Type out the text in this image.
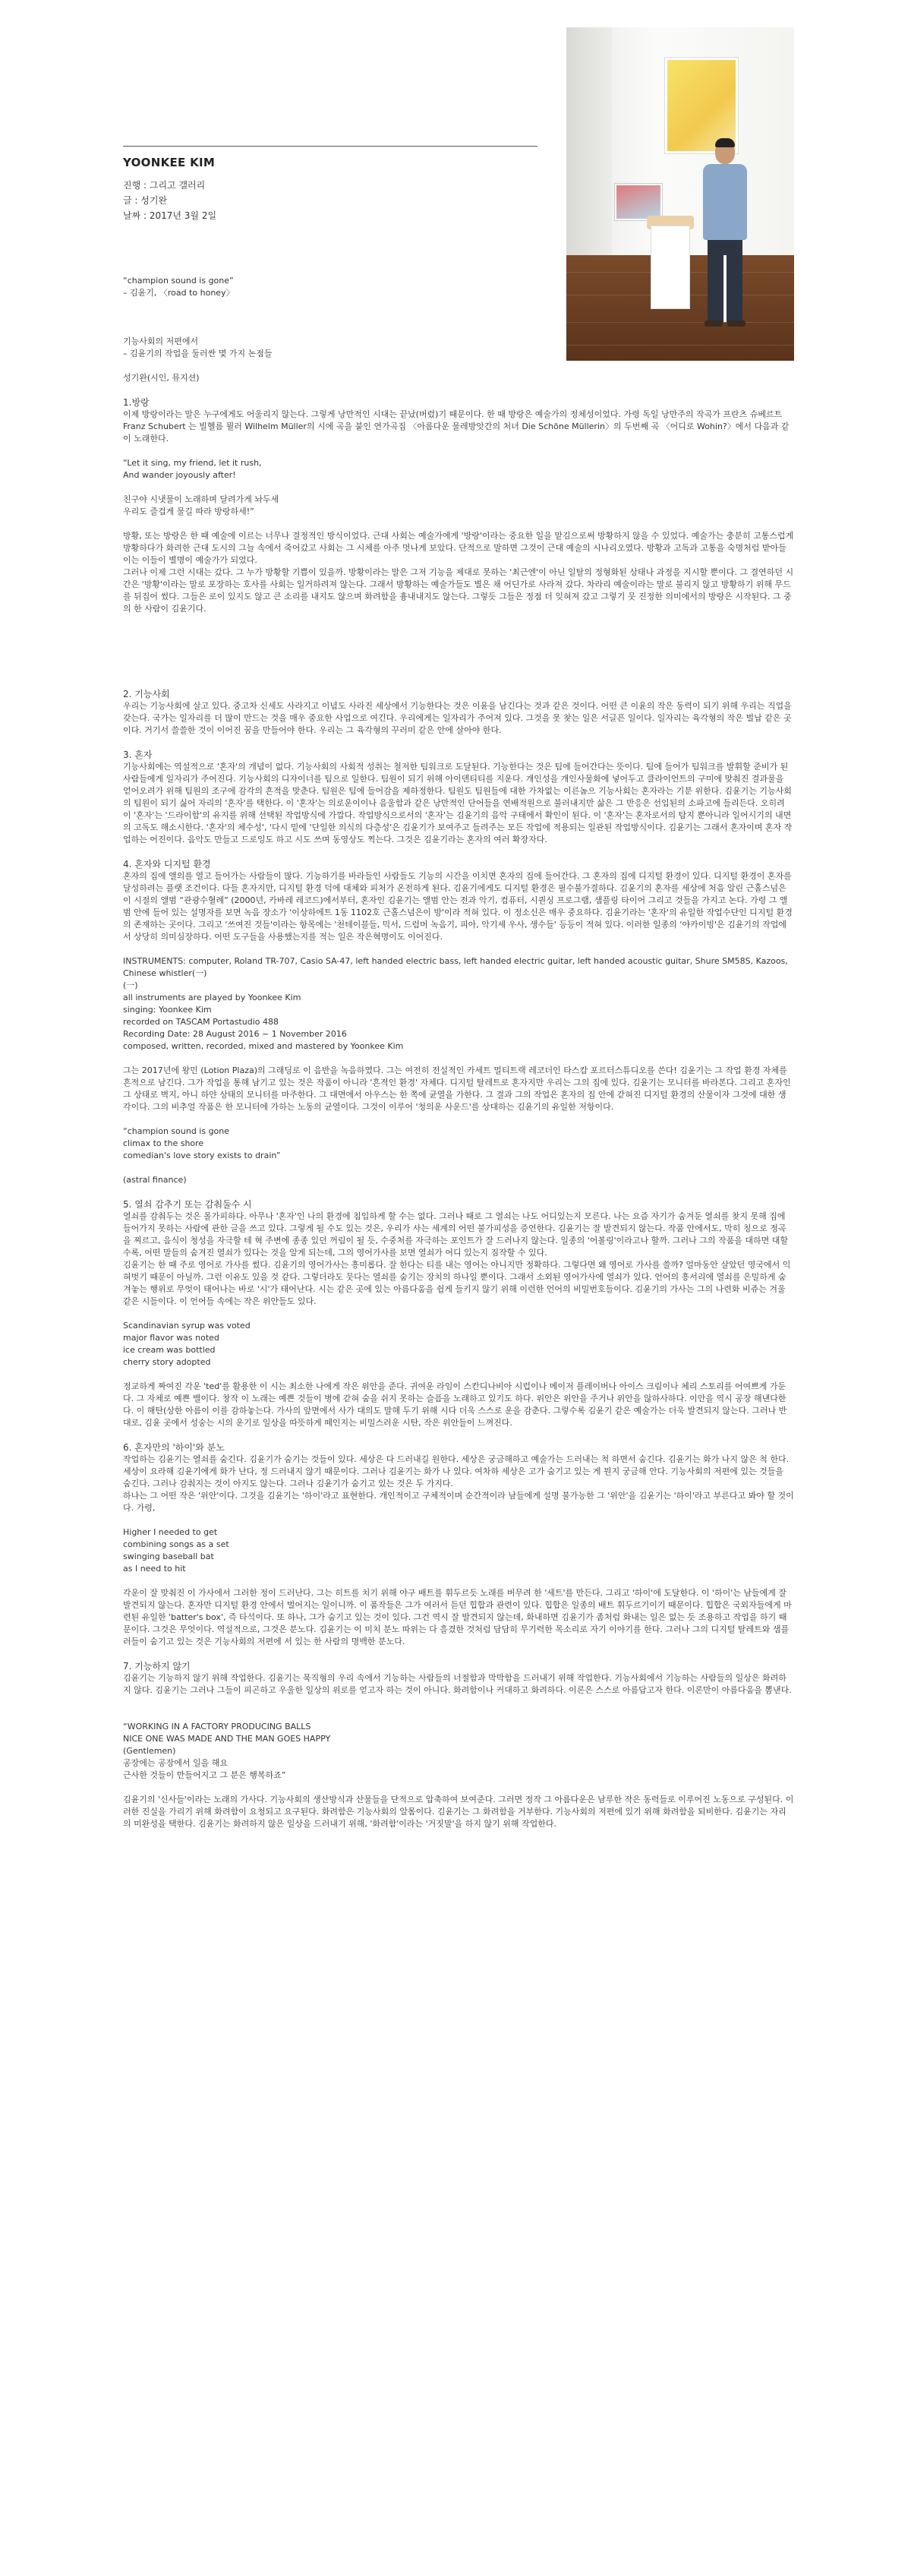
YOONKEE KIM
진행 : 그리고 갤러리
글 : 성기완
날짜 : 2017년 3월 2일

“champion sound is gone”

– 김윤기, 〈road to honey〉

기능사회의 저편에서

– 김윤기의 작업을 둘러싼 몇 가지 논점들

성기완(시인, 뮤지션)

1.방랑

이제 방랑이라는 말은 누구에게도 어울리지 않는다. 그렇게 낭만적인 시대는 끝났(버렸)기 때문이다. 한 때 방랑은 예술가의 정체성이었다. 가령 독일 낭만주의 작곡가 프란츠 슈베르트 Franz Schubert 는 빌헬름 뮐러 Wilhelm Müller의 시에 곡을 붙인 연가곡집 〈아름다운 물레방앗간의 처녀 Die Schöne Müllerin〉의 두번째 곡 〈어디로 Wohin?〉에서 다음과 같이 노래한다.

“Let it sing, my friend, let it rush,

And wander joyously after!

친구야 시냇물이 노래하며 달려가게 놔두세

우리도 즐겁게 물길 따라 방랑하세!”

방황, 또는 방랑은 한 때 예술에 이르는 너무나 결정적인 방식이었다. 근대 사회는 예술가에게 '방랑'이라는 중요한 일을 맡김으로써 방황하지 않을 수 있었다. 예술가는 충분히 고통스럽게 방황하다가 화려한 근대 도시의 그늘 속에서 죽어갔고 사회는 그 시체를 아주 멋나게 보았다. 단적으로 말하면 그것이 근대 예술의 시나리오였다. 방황과 고독과 고통을 숙명처럼 받아들이는 이들이 별명이 예술가가 되었다.

그러나 이제 그런 시대는 갔다. 그 누가 방황할 기쁨이 있을까. 방황이라는 말은 그저 기능을 제대로 못하는 '최근엔'이 아닌 일탈의 정형화된 상태나 과정을 지시할 뿐이다. 그 결연하던 시간은 '방황'이라는 말로 포장하는 호사를 사회는 일거하려져 않는다. 그래서 방황하는 예술가들도 별은 채 어딘가로 사라져 갔다. 차라리 예술이라는 말로 불리지 않고 방황하기 위해 무드를 뒤집어 썼다. 그들은 로이 있지도 않고 큰 소리를 내지도 않으며 화려함을 흉내내지도 않는다. 그렇듯 그들은 정점 더 잊혀져 갔고 그렇기 뭇 진정한 의미에서의 방랑은 시작된다. 그 중의 한 사람이 김윤기다.

2. 기능사회

우리는 기능사회에 살고 있다. 중고차 신세도 사라지고 이념도 사라진 세상에서 기능한다는 것은 이윤을 남긴다는 것과 같은 것이다. 어떤 큰 이윤의 작은 동력이 되기 위해 우리는 직업을 갖는다. 국가는 일자리를 더 많이 만드는 것을 매우 중요한 사업으로 여긴다. 우리에게는 일자리가 주어져 있다. 그것을 못 찾는 일은 서글픈 일이다. 일자리는 육각형의 작은 벌납 같은 곳이다. 거기서 쓸쓸한 것이 이어진 꿈을 만들어야 한다. 우리는 그 육각형의 꾸러미 같은 안에 살아야 한다.

3. 혼자

기능사회에는 역설적으로 '혼자'의 개념이 없다. 기능사회의 사회적 성취는 철저한 팀워크로 도달된다. 기능한다는 것은 팀에 들어간다는 뜻이다. 팀에 들어가 팀워크를 발휘할 준비가 된 사람들에게 일자리가 주어진다. 기능사회의 디자이너를 팀으로 일한다. 팀원이 되기 위해 아이덴티티를 지운다. 개인성을 개인사물화에 넣어두고 클라이언트의 구미에 맞춰진 결과물을 얻어오려가 위해 팀원의 조구에 감각의 흔적을 맞춘다. 팀원은 팀에 들어감을 제하정한다. 팀원도 팀원들에 대한 가차없는 이른놈으 기능사회는 혼자라는 기분 위한다. 김윤기는 기능사회의 팀원이 되기 싫어 자리의 '혼자'를 택한다. 이 '혼자'는 의로운이이나 음울함과 같은 낭만적인 단어들을 연배적원으로 불러내지만 삶은 그 반응은 선입된의 소파고에 들리든다. 오히려 이 '혼자'는 '드라이함'의 유지를 위해 선택된 작업방식에 가깝다. 작업방식으로서의 '혼자'는 김윤기의 음악 구태에서 확인이 된다. 이 '혼자'는 혼자로서의 탐지 뿐아니라 일어시기의 내면의 고독도 해소시한다. '혼자'의 체수성', '다시 밑에 '단일한 의식의 다층성'은 김윤기가 보여주고 들려주는 모든 작업에 적용되는 일관된 작업방식이다. 김윤기는 그래서 혼자이며 혼자 작업하는 어진이다. 음악도 만들고 드로잉도 하고 시도 쓰며 동영상도 찍는다. 그것은 김윤기라는 혼자의 여러 확장자다.

4. 혼자와 디지털 환경

혼자의 집에 앨의를 열고 들어가는 사람들이 많다. 기능하기를 바라들인 사람들도 기능의 시간을 이치면 혼자의 집에 들어간다. 그 혼자의 집에 디지털 환경이 있다. 디지털 환경이 혼자를 달성하려는 플랫 조건이다. 다들 혼자지만, 디지털 환경 덕에 대체와 피처가 온전하게 된다. 김윤기에게도 디지털 환경은 필수불가결하다. 김윤기의 혼자를 세상에 처음 알린 근홀스넘은이 시절의 앨범 “관광수혈례” (2000년, 카바레 레코드)에서부터, 혼자인 김윤기는 앨범 안는 전과 악기, 컴퓨터, 시퀀싱 프로그램, 샘플링 타이어 그리고 것들을 가지고 논다. 가령 그 앨범 안에 들어 있는 설명자를 보면 녹음 장소가 '이상하에트 1동 1102호 근홀스넘은이 방'이라 적혀 있다. 이 정소신은 매우 중요하다. 김윤기라는 '혼자'의 유일한 작업수단인 디지털 환경의 존재하는 곳이다. 그리고 '쓰여진 것들'이라는 항목에는 '천테이블들, 믹서, 드럼머 녹음기, 피아, 악기세 우사, 생수들' 등등이 적혀 있다. 이러한 일종의 '야카이빙'은 김윤기의 작업에서 상당히 의미심장하다. 어떤 도구들을 사용했는지를 적는 일은 작은혁명이도 이어진다.

INSTRUMENTS: computer, Roland TR-707, Casio SA-47, left handed electric bass, left handed electric guitar, left handed acoustic guitar, Shure SM58S, Kazoos, Chinese whistler(一)

(一)

all instruments are played by Yoonkee Kim

singing: Yoonkee Kim

recorded on TASCAM Portastudio 488

Recording Date: 28 August 2016 ~ 1 November 2016

composed, written, recorded, mixed and mastered by Yoonkee Kim

그는 2017년에 왕민 (Lotion Plaza)의 그래딩로 이 음반을 녹음하였다. 그는 여전히 전설적인 카세트 멀티트랙 레코더인 타스캄 포르터스튜디오를 쓴다! 김윤기는 그 작업 환경 자체를 흔적으로 남긴다. 그가 작업을 통해 남기고 있는 것은 작품이 아니라 '흔적인 환경' 자체다. 디지털 탈레트로 혼자지만 우리는 그의 집에 있다. 김윤기는 모니터를 바라본다. 그리고 혼자인 그 상태로 벽지, 아니 하얀 상태의 모니터를 마주한다. 그 대면에서 아우스는 한 쪽에 균열을 가한다. 그 결과 그의 작업은 혼자의 집 안에 갇혀진 디지털 환경의 산물이자 그것에 대한 생각이다. 그의 비추얼 작품은 한 모니터에 가하는 노동의 균열이다. 그것이 이루어 '청의운 사운드'를 상대하는 김윤기의 유일한 저항이다.

“champion sound is gone

climax to the shore

comedian's love story exists to drain”

(astral finance)

5. 열쇠 감추기 또는 감춰둘수 시

열쇠를 감춰두는 것은 몰가피하다. 아무나 '혼자'인 나의 환경에 침입하게 할 수는 없다. 그러나 때로 그 열쇠는 나도 어디있는지 모른다. 나는 요즘 자기가 숨겨둔 열쇠를 찾지 못해 집에 들어가지 못하는 사람에 관한 글을 쓰고 있다. 그렇게 될 수도 있는 것은, 우리가 사는 세계의 어떤 불가피성을 증언한다. 김윤기는 잘 발견되지 않는다. 작품 안에서도, 막히 칭으로 정곡을 찌르고, 음식이 청성을 자극할 테 혁 주변에 종종 있던 꺼림이 될 듯, 수중처를 자극하는 포인트가 잘 드러나지 않는다. 일종의 '어볼링'이라고나 할까. 그러나 그의 작품을 대하면 대할 수록, 어떤 말들의 숨겨진 열쇠가 있다는 것을 알게 되는데, 그의 영어가사를 보면 열쇠가 어디 있는지 짐작할 수 있다.

김윤기는 한 때 주로 영어로 가사를 썼다. 김윤기의 영어가사는 흥미롭다. 잘 한다는 티를 내는 영어는 아니지만 정확하다. 그렇다면 왜 영어로 가사를 쓸까? 얼마동안 살았던 영국에서 익혀벗기 때문이 아닐까. 그런 이유도 있을 것 같다. 그렇더라도 뭇다는 열쇠를 숨기는 장치의 하나일 뿐이다. 그래서 소외된 영어가사에 열쇠가 있다. 언어의 흥서리에 열쇠를 은밀하게 숨겨놓는 행위로 무엇이 태어나는 바로 '시'가 태어난다. 시는 같은 곳에 있는 아름다움을 쉽게 들키지 않기 위해 이런한 언어의 비밀번호들이다. 김윤기의 가사는 그의 나련화 비쥬는 겨울 같은 시들이다. 이 언어들 속에는 작은 위안들도 있다.

Scandinavian syrup was voted

major flavor was noted

ice cream was bottled

cherry story adopted

정교하게 짜여진 각운 'ted'를 활용한 이 시는 최소한 나에게 작은 위안을 준다. 귀여운 라임이 스칸디나비아 시럽이나 메이저 플레이버나 아이스 크림이나 체리 스토리를 어여쁘게 가둔다. 그 자체로 예쁜 밸이다. 창작 이 노래는 예쁜 것들이 병에 갇혀 숨을 쉬지 못하는 슬픔을 노래하고 있기도 하다. 위안은 위안을 주거나 위안을 않하사하다. 이안을 역시 공장 해낸다한다. 이 해탄(상한 아름이 이를 감하놓는다. 가사의 앞면에서 사가 대의도 말해 두기 위해 시다 더욱 스스로 운을 감춘다. 그렇수록 김윤기 같은 예술가는 더욱 발견되지 않는다. 그러나 반대로, 김윤 곳에서 성숭는 시의 운기로 일상을 따뜻하게 떼인지는 비밀스러운 시탄, 작은 위안들이 느껴진다.

6. 혼자만의 '하이'와 분노

작업하는 김윤기는 열쇠를 숨긴다. 김윤기가 숨기는 것들이 있다. 세상은 다 드러내길 원한다. 세상은 궁금해하고 예술가는 드러내는 척 하면서 숨긴다. 김윤기는 화가 나지 않은 척 한다. 세상이 요라해 김윤기에게 화가 난다, 정 드러내지 않기 때문이다. 그러나 김윤기는 화가 나 있다. 여차하 세상은 고가 숨기고 있는 게 뭔지 궁금해 안다. 기능사회의 저편에 있는 것들을 숨긴다. 그러나 감춰지는 것이 아지도 않는다. 그러나 김윤기가 숨기고 있는 것은 두 가지다.

하나는 그 어떤 작은 '위안'이다. 그것을 김윤기는 '하이'라고 표현한다. 개인적이고 구체적이며 순간적이라 남들에게 설명 불가능한 그 '위안'을 김윤기는 '하이'라고 부른다고 봐야 할 것이다. 가령,

Higher I needed to get

combining songs as a set

swinging baseball bat

as I need to hit

각운이 잘 맞춰진 이 가사에서 그러한 정이 드러난다. 그는 히트를 치기 위해 야구 배트를 휘두르듯 노래를 버무려 한 '세트'를 만든다. 그리고 '하이'에 도달한다. 이 '하이'는 남들에게 잘 발견되지 않는다. 혼자만 디지털 환경 안에서 벌어지는 일이니까. 이 품작들은 그가 여러서 듣던 힙합과 관련이 있다. 힙합은 일종의 배트 휘두르기이기 때문이다. 힙합은 국외자들에게 마련된 유일한 'batter's box', 즉 타석이다. 또 하나, 그가 숨기고 있는 것이 있다. 그건 역시 잘 발견되지 않는데, 화내하면 김윤기가 좀처럼 화내는 일은 없는 듯 조용하고 작업을 하기 때문이다. 그것은 무엇이다. 역설적으로, 그것은 분노다. 김윤기는 이 미치 분노 따위는 다 흘겼한 것처럼 담담히 무기력한 목소리로 자기 이야기를 한다. 그러나 그의 디지털 탈레트와 샘플러들이 숨기고 있는 것은 기능사회의 저편에 서 있는 한 사람의 명백한 분노다.

7. 기능하지 않기

김윤기는 기능하지 않기 위해 작업한다. 김윤기는 묵직형의 우리 속에서 기능하는 사람들의 너절함과 막막함을 드러내기 위해 작업한다. 기능사회에서 기능하는 사람들의 일상은 화려하지 않다. 김윤기는 그러나 그들이 피곤하고 우울한 일상의 위로를 얻고자 하는 것이 아니다. 화려함이나 커대하고 화려하다. 이론은 스스로 아름답고자 한다. 이론만이 아름다움을 뽐낸다.

“WORKING IN A FACTORY PRODUCING BALLS

NICE ONE WAS MADE AND THE MAN GOES HAPPY

(Gentlemen)

공장에는 공장에서 일을 해요

근사한 것들이 만들어지고 그 분은 행복하죠”

김윤기의 '신사들'이라는 노래의 가사다. 기능사회의 생산방식과 산물들을 단적으로 압축하여 보여준다. 그러면 정작 그 아름다운은 남루한 작은 동력들로 이루어진 노동으로 구성된다. 이러한 진실을 가리기 위해 화려함이 요청되고 요구된다. 화려함은 기능사회의 알몸이다. 김윤기는 그 화려함을 거부한다. 기능사회의 저편에 있기 위해 화려함을 퇴비한다. 김윤기는 자리의 미완성을 택한다. 김윤기는 화려하지 않은 일상을 드러내기 위해, '화려함'이라는 '거짓말'을 하지 않기 위해 작업한다.
